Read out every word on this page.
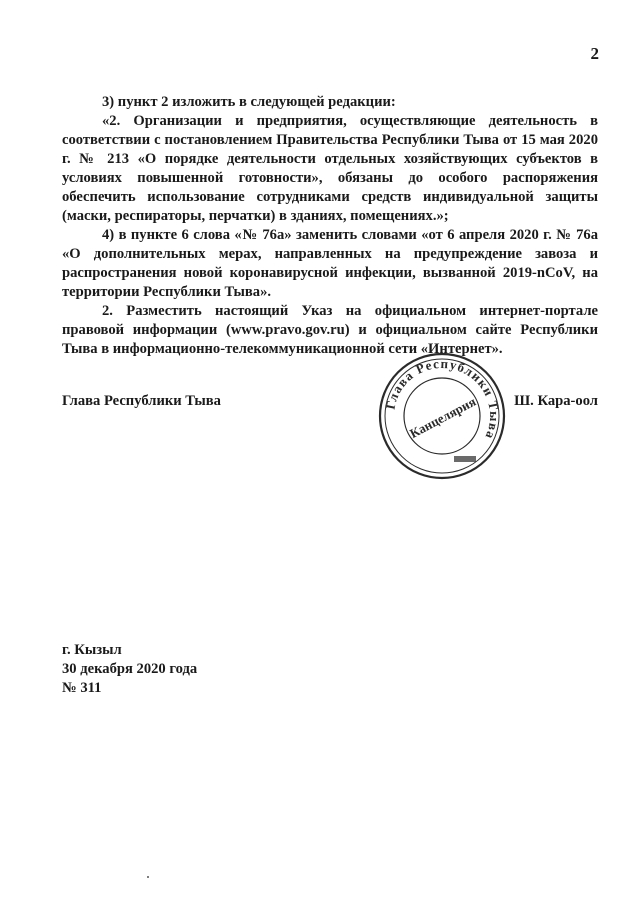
2

3) пункт 2 изложить в следующей редакции:

«2. Организации и предприятия, осуществляющие деятельность в соответствии с постановлением Правительства Республики Тыва от 15 мая 2020 г. № 213 «О порядке деятельности отдельных хозяйствующих субъектов в условиях повышенной готовности», обязаны до особого распоряжения обеспечить использование сотрудниками средств индивидуальной защиты (маски, респираторы, перчатки) в зданиях, помещениях.»;

4) в пункте 6 слова «№ 76а» заменить словами «от 6 апреля 2020 г. № 76а «О дополнительных мерах, направленных на предупреждение завоза и распространения новой коронавирусной инфекции, вызванной 2019-nCoV, на территории Республики Тыва».

2. Разместить настоящий Указ на официальном интернет-портале правовой информации (www.pravo.gov.ru) и официальном сайте Республики Тыва в информационно-телекоммуникационной сети «Интернет».

Глава Республики Тыва	Ш. Кара-оол
Глава Республики Тыва
Канцелярия
г. Кызыл
30 декабря 2020 года
№ 311
